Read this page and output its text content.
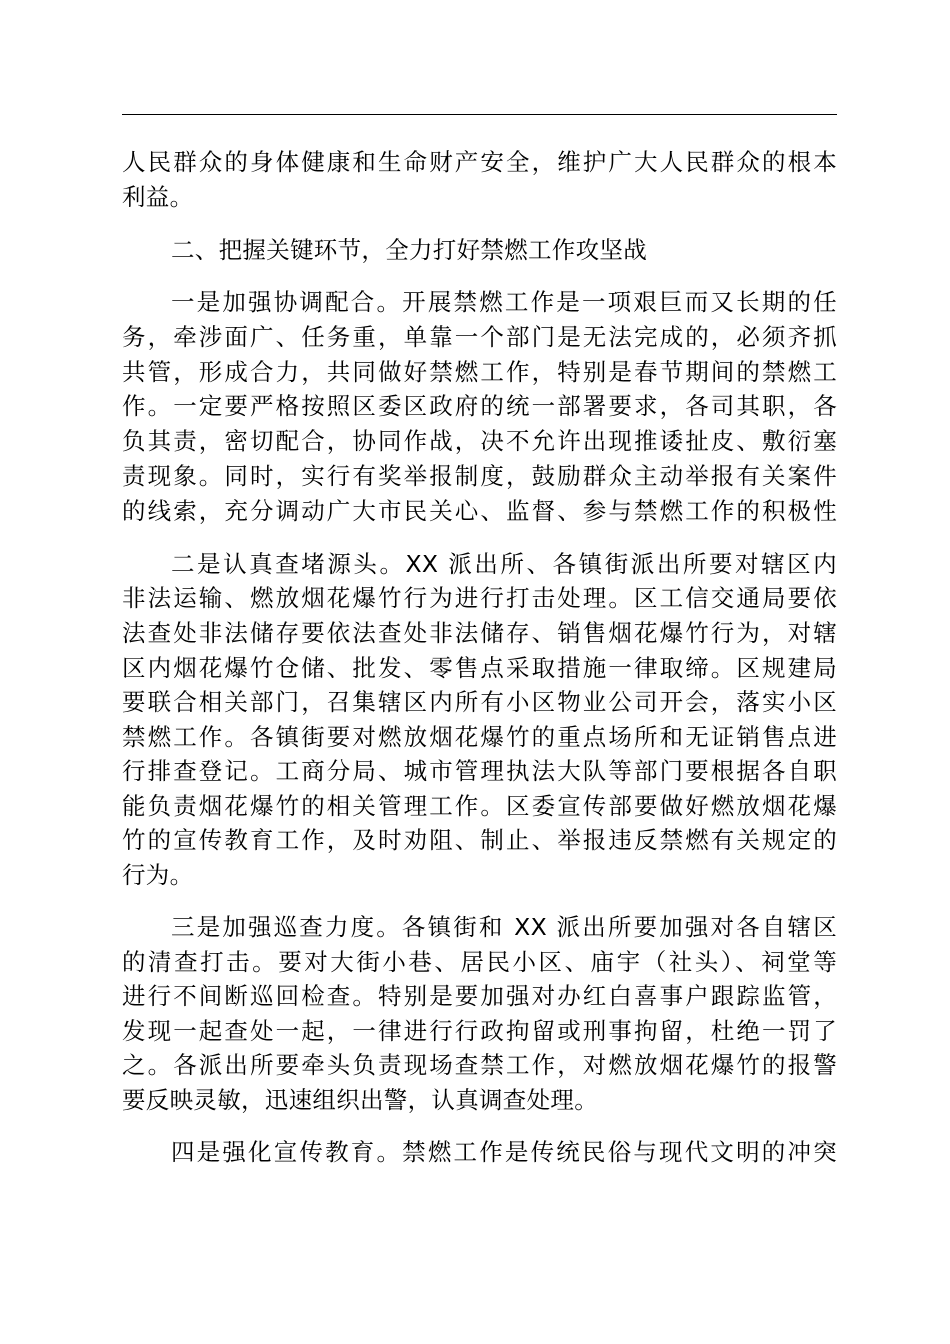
人民群众的身体健康和生命财产安全，维护广大人民群众的根本
利益。
二、把握关键环节，全力打好禁燃工作攻坚战
一是加强协调配合。开展禁燃工作是一项艰巨而又长期的任
务，牵涉面广、任务重，单靠一个部门是无法完成的，必须齐抓
共管，形成合力，共同做好禁燃工作，特别是春节期间的禁燃工
作。一定要严格按照区委区政府的统一部署要求，各司其职，各
负其责，密切配合，协同作战，决不允许出现推诿扯皮、敷衍塞
责现象。同时，实行有奖举报制度，鼓励群众主动举报有关案件
的线索，充分调动广大市民关心、监督、参与禁燃工作的积极性
二是认真查堵源头。XX 派出所、各镇街派出所要对辖区内
非法运输、燃放烟花爆竹行为进行打击处理。区工信交通局要依
法查处非法储存要依法查处非法储存、销售烟花爆竹行为，对辖
区内烟花爆竹仓储、批发、零售点采取措施一律取缔。区规建局
要联合相关部门，召集辖区内所有小区物业公司开会，落实小区
禁燃工作。各镇街要对燃放烟花爆竹的重点场所和无证销售点进
行排查登记。工商分局、城市管理执法大队等部门要根据各自职
能负责烟花爆竹的相关管理工作。区委宣传部要做好燃放烟花爆
竹的宣传教育工作，及时劝阻、制止、举报违反禁燃有关规定的
行为。
三是加强巡查力度。各镇街和 XX 派出所要加强对各自辖区
的清查打击。要对大街小巷、居民小区、庙宇（社头）、祠堂等
进行不间断巡回检查。特别是要加强对办红白喜事户跟踪监管，
发现一起查处一起，一律进行行政拘留或刑事拘留，杜绝一罚了
之。各派出所要牵头负责现场查禁工作，对燃放烟花爆竹的报警
要反映灵敏，迅速组织出警，认真调查处理。
四是强化宣传教育。禁燃工作是传统民俗与现代文明的冲突
